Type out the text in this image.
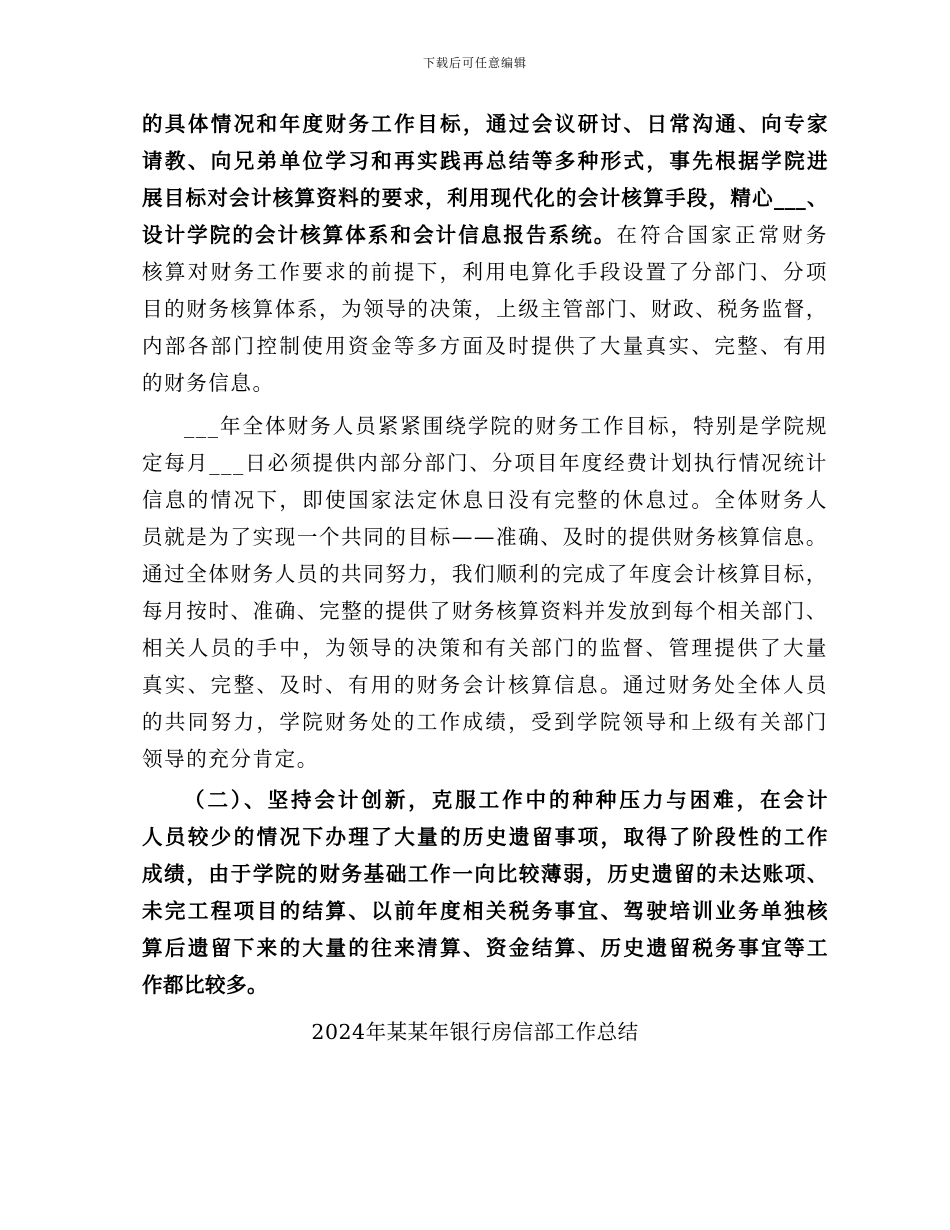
下载后可任意编辑
的具体情况和年度财务工作目标，通过会议研讨、日常沟通、向专家
请教、向兄弟单位学习和再实践再总结等多种形式，事先根据学院进
展目标对会计核算资料的要求，利用现代化的会计核算手段，精心___、
设计学院的会计核算体系和会计信息报告系统。在符合国家正常财务
核算对财务工作要求的前提下，利用电算化手段设置了分部门、分项
目的财务核算体系，为领导的决策，上级主管部门、财政、税务监督，
内部各部门控制使用资金等多方面及时提供了大量真实、完整、有用
的财务信息。
___年全体财务人员紧紧围绕学院的财务工作目标，特别是学院规
定每月___日必须提供内部分部门、分项目年度经费计划执行情况统计
信息的情况下，即使国家法定休息日没有完整的休息过。全体财务人
员就是为了实现一个共同的目标——准确、及时的提供财务核算信息。
通过全体财务人员的共同努力，我们顺利的完成了年度会计核算目标，
每月按时、准确、完整的提供了财务核算资料并发放到每个相关部门、
相关人员的手中，为领导的决策和有关部门的监督、管理提供了大量
真实、完整、及时、有用的财务会计核算信息。通过财务处全体人员
的共同努力，学院财务处的工作成绩，受到学院领导和上级有关部门
领导的充分肯定。
（二）、坚持会计创新，克服工作中的种种压力与困难，在会计
人员较少的情况下办理了大量的历史遗留事项，取得了阶段性的工作
成绩，由于学院的财务基础工作一向比较薄弱，历史遗留的未达账项、
未完工程项目的结算、以前年度相关税务事宜、驾驶培训业务单独核
算后遗留下来的大量的往来清算、资金结算、历史遗留税务事宜等工
作都比较多。
2024年某某年银行房信部工作总结
